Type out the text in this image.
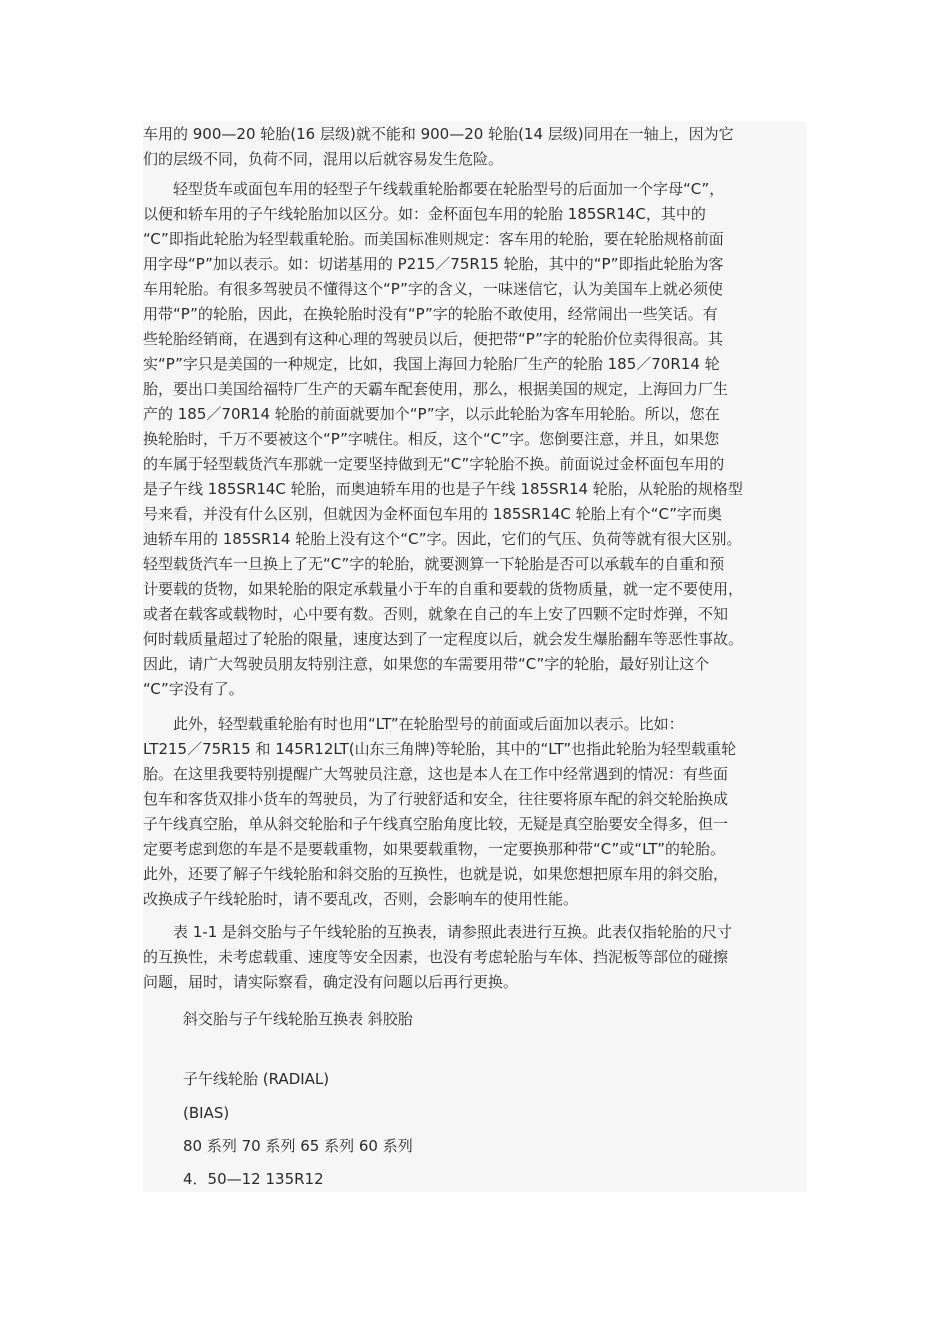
车用的 900—20 轮胎(16 层级)就不能和 900—20 轮胎(14 层级)同用在一轴上，因为它
们的层级不同，负荷不同，混用以后就容易发生危险。

轻型货车或面包车用的轻型子午线载重轮胎都要在轮胎型号的后面加一个字母“C”，
以便和轿车用的子午线轮胎加以区分。如：金杯面包车用的轮胎 185SR14C，其中的
“C”即指此轮胎为轻型载重轮胎。而美国标准则规定：客车用的轮胎，要在轮胎规格前面
用字母“P”加以表示。如：切诺基用的 P215／75R15 轮胎，其中的“P”即指此轮胎为客
车用轮胎。有很多驾驶员不懂得这个“P”字的含义，一味迷信它，认为美国车上就必须使
用带“P”的轮胎，因此，在换轮胎时没有“P”字的轮胎不敢使用，经常闹出一些笑话。有
些轮胎经销商，在遇到有这种心理的驾驶员以后，便把带“P”字的轮胎价位卖得很高。其
实“P”字只是美国的一种规定，比如，我国上海回力轮胎厂生产的轮胎 185／70R14 轮
胎，要出口美国给福特厂生产的天霸车配套使用，那么，根据美国的规定，上海回力厂生
产的 185／70R14 轮胎的前面就要加个“P”字，以示此轮胎为客车用轮胎。所以，您在
换轮胎时，千万不要被这个“P”字唬住。相反，这个“C”字。您倒要注意，并且，如果您
的车属于轻型载货汽车那就一定要坚持做到无“C”字轮胎不换。前面说过金杯面包车用的
是子午线 185SR14C 轮胎，而奥迪轿车用的也是子午线 185SR14 轮胎，从轮胎的规格型
号来看，并没有什么区别，但就因为金杯面包车用的 185SR14C 轮胎上有个“C”字而奥
迪轿车用的 185SR14 轮胎上没有这个“C”字。因此，它们的气压、负荷等就有很大区别。
轻型载货汽车一旦换上了无“C”字的轮胎，就要测算一下轮胎是否可以承载车的自重和预
计要载的货物，如果轮胎的限定承载量小于车的自重和要载的货物质量，就一定不要使用，
或者在载客或载物时，心中要有数。否则，就象在自己的车上安了四颗不定时炸弹，不知
何时载质量超过了轮胎的限量，速度达到了一定程度以后，就会发生爆胎翻车等恶性事故。
因此，请广大驾驶员朋友特别注意，如果您的车需要用带“C”字的轮胎，最好别让这个
“C”字没有了。

此外，轻型载重轮胎有时也用“LT”在轮胎型号的前面或后面加以表示。比如：
LT215／75R15 和 145R12LT(山东三角牌)等轮胎，其中的“LT”也指此轮胎为轻型载重轮
胎。在这里我要特别提醒广大驾驶员注意，这也是本人在工作中经常遇到的情况：有些面
包车和客货双排小货车的驾驶员，为了行驶舒适和安全，往往要将原车配的斜交轮胎换成
子午线真空胎，单从斜交轮胎和子午线真空胎角度比较，无疑是真空胎要安全得多，但一
定要考虑到您的车是不是要载重物，如果要载重物，一定要换那种带“C”或“LT”的轮胎。
此外，还要了解子午线轮胎和斜交胎的互换性，也就是说，如果您想把原车用的斜交胎，
改换成子午线轮胎时，请不要乱改，否则，会影响车的使用性能。

表 1-1 是斜交胎与子午线轮胎的互换表，请参照此表进行互换。此表仅指轮胎的尺寸
的互换性，未考虑载重、速度等安全因素，也没有考虑轮胎与车体、挡泥板等部位的碰擦
问题，届时，请实际察看，确定没有问题以后再行更换。

斜交胎与子午线轮胎互换表 斜胶胎
子午线轮胎 (RADIAL)
(BIAS)
80 系列 70 系列 65 系列 60 系列
4．50—12 135R12
